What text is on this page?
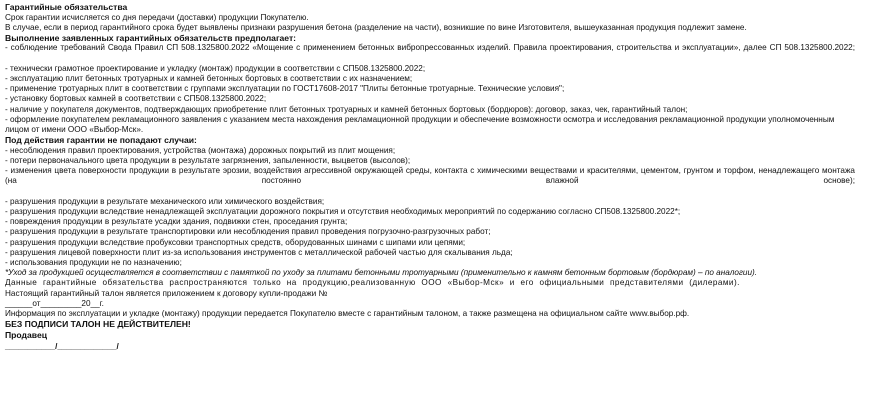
Гарантийные обязательства
Срок гарантии исчисляется со дня передачи (доставки) продукции Покупателю.
В случае, если в период гарантийного срока будет выявлены признаки разрушения бетона (разделение на части), возникшие по вине Изготовителя, вышеуказанная продукция подлежит замене.
Выполнение заявленных гарантийных обязательств предполагает:
- соблюдение требований Свода Правил СП 508.1325800.2022 «Мощение с применением бетонных вибропрессованных изделий. Правила проектирования, строительства и эксплуатации», далее СП 508.1325800.2022;
- технически грамотное проектирование и укладку (монтаж) продукции в соответствии с СП508.1325800.2022;
- эксплуатацию плит бетонных тротуарных и камней бетонных бортовых в соответствии с их назначением;
- применение тротуарных плит в соответствии с группами эксплуатации по ГОСТ17608-2017 "Плиты бетонные тротуарные. Технические условия";
- установку бортовых камней в соответствии с СП508.1325800.2022;
- наличие у покупателя документов, подтверждающих приобретение плит бетонных тротуарных и камней бетонных бортовых (бордюров): договор, заказ, чек, гарантийный талон;
- оформление покупателем рекламационного заявления с указанием места нахождения рекламационной продукции и обеспечение возможности осмотра и исследования рекламационной продукции уполномоченным лицом от имени ООО «Выбор-Мск».
Под действия гарантии не попадают случаи:
- несоблюдения правил проектирования, устройства (монтажа) дорожных покрытий из плит мощения;
- потери первоначального цвета продукции в результате загрязнения, запыленности, выцветов (высолов);
- изменения цвета поверхности продукции в результате эрозии, воздействия агрессивной окружающей среды, контакта с химическими веществами и красителями, цементом, грунтом и торфом, ненадлежащего монтажа (на постоянно влажной основе);
- разрушения продукции в результате механического или химического воздействия;
- разрушения продукции вследствие ненадлежащей эксплуатации дорожного покрытия и отсутствия необходимых мероприятий по содержанию согласно СП508.1325800.2022*;
- повреждения продукции в результате усадки здания, подвижки стен, проседания грунта;
- разрушения продукции в результате транспортировки или несоблюдения правил проведения погрузочно-разгрузочных работ;
- разрушения продукции вследствие пробуксовки транспортных средств, оборудованных шинами с шипами или цепями;
- разрушения лицевой поверхности плит из-за использования инструментов с металлической рабочей частью для скалывания льда;
- использования продукции не по назначению;
*Уход за продукцией осуществляется в соответствии с памяткой по уходу за плитами бетонными тротуарными (применительно к камням бетонным бортовым (бордюрам) – по аналогии).
Данные гарантийные обязательства распространяются только на продукцию,реализованную ООО «Выбор-Мск» и его официальными представителями (дилерами).
Настоящий гарантийный талон является приложением к договору купли-продажи №
______от_________20__г.
Информация по эксплуатации и укладке (монтажу) продукции передается Покупателю вместе с гарантийным талоном, а также размещена на официальном сайте www.выбор.рф.
БЕЗ ПОДПИСИ ТАЛОН НЕ ДЕЙСТВИТЕЛЕН!
Продавец
___________/_____________/
